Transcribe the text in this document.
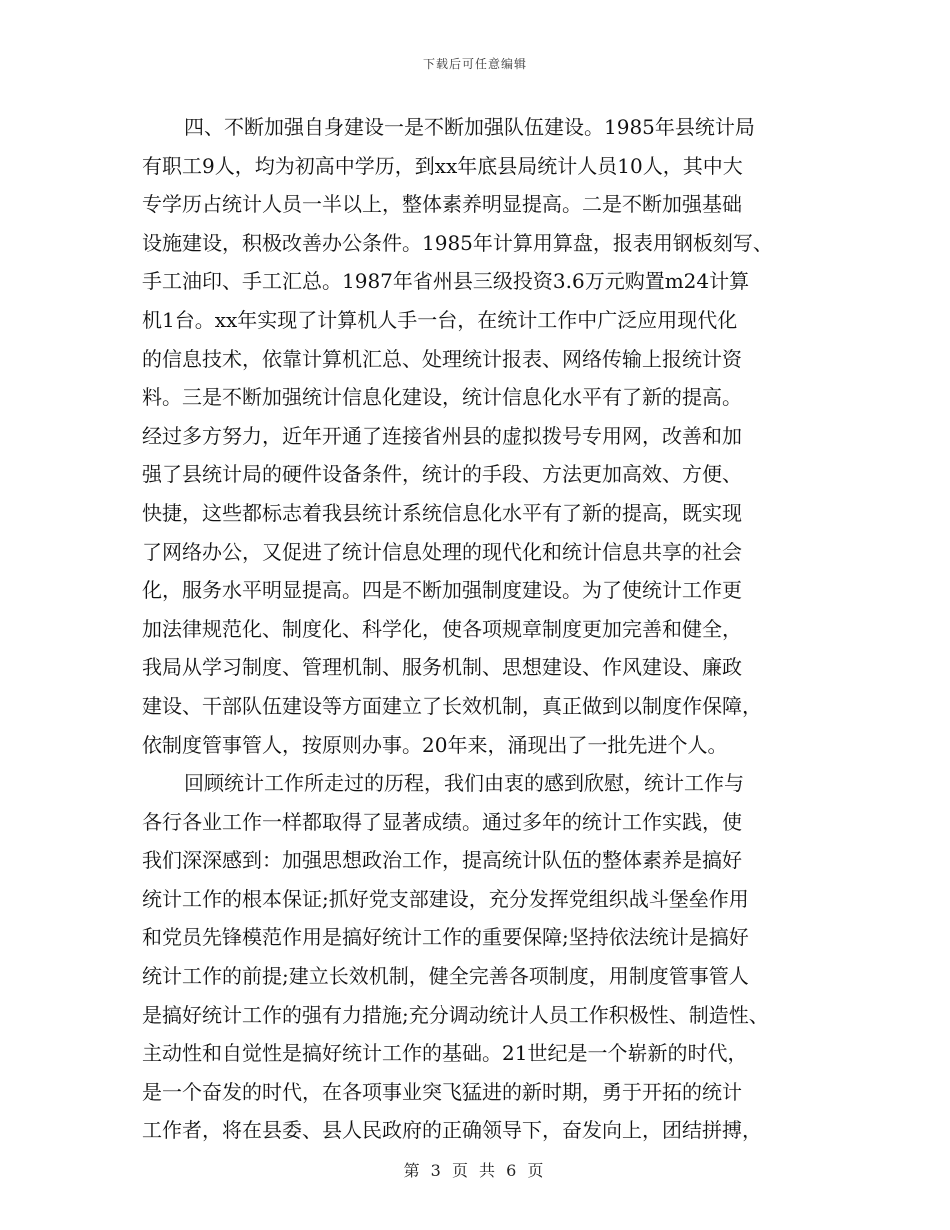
下载后可任意编辑
四、不断加强自身建设一是不断加强队伍建设。1985年县统计局
有职工9人，均为初高中学历，到xx年底县局统计人员10人，其中大
专学历占统计人员一半以上，整体素养明显提高。二是不断加强基础
设施建设，积极改善办公条件。1985年计算用算盘，报表用钢板刻写、
手工油印、手工汇总。1987年省州县三级投资3.6万元购置m24计算
机1台。xx年实现了计算机人手一台，在统计工作中广泛应用现代化
的信息技术，依靠计算机汇总、处理统计报表、网络传输上报统计资
料。三是不断加强统计信息化建设，统计信息化水平有了新的提高。
经过多方努力，近年开通了连接省州县的虚拟拨号专用网，改善和加
强了县统计局的硬件设备条件，统计的手段、方法更加高效、方便、
快捷，这些都标志着我县统计系统信息化水平有了新的提高，既实现
了网络办公，又促进了统计信息处理的现代化和统计信息共享的社会
化，服务水平明显提高。四是不断加强制度建设。为了使统计工作更
加法律规范化、制度化、科学化，使各项规章制度更加完善和健全，
我局从学习制度、管理机制、服务机制、思想建设、作风建设、廉政
建设、干部队伍建设等方面建立了长效机制，真正做到以制度作保障，
依制度管事管人，按原则办事。20年来，涌现出了一批先进个人。
回顾统计工作所走过的历程，我们由衷的感到欣慰，统计工作与
各行各业工作一样都取得了显著成绩。通过多年的统计工作实践，使
我们深深感到：加强思想政治工作，提高统计队伍的整体素养是搞好
统计工作的根本保证;抓好党支部建设，充分发挥党组织战斗堡垒作用
和党员先锋模范作用是搞好统计工作的重要保障;坚持依法统计是搞好
统计工作的前提;建立长效机制，健全完善各项制度，用制度管事管人
是搞好统计工作的强有力措施;充分调动统计人员工作积极性、制造性、
主动性和自觉性是搞好统计工作的基础。21世纪是一个崭新的时代，
是一个奋发的时代，在各项事业突飞猛进的新时期，勇于开拓的统计
工作者，将在县委、县人民政府的正确领导下，奋发向上，团结拼搏，
第 3 页 共 6 页
